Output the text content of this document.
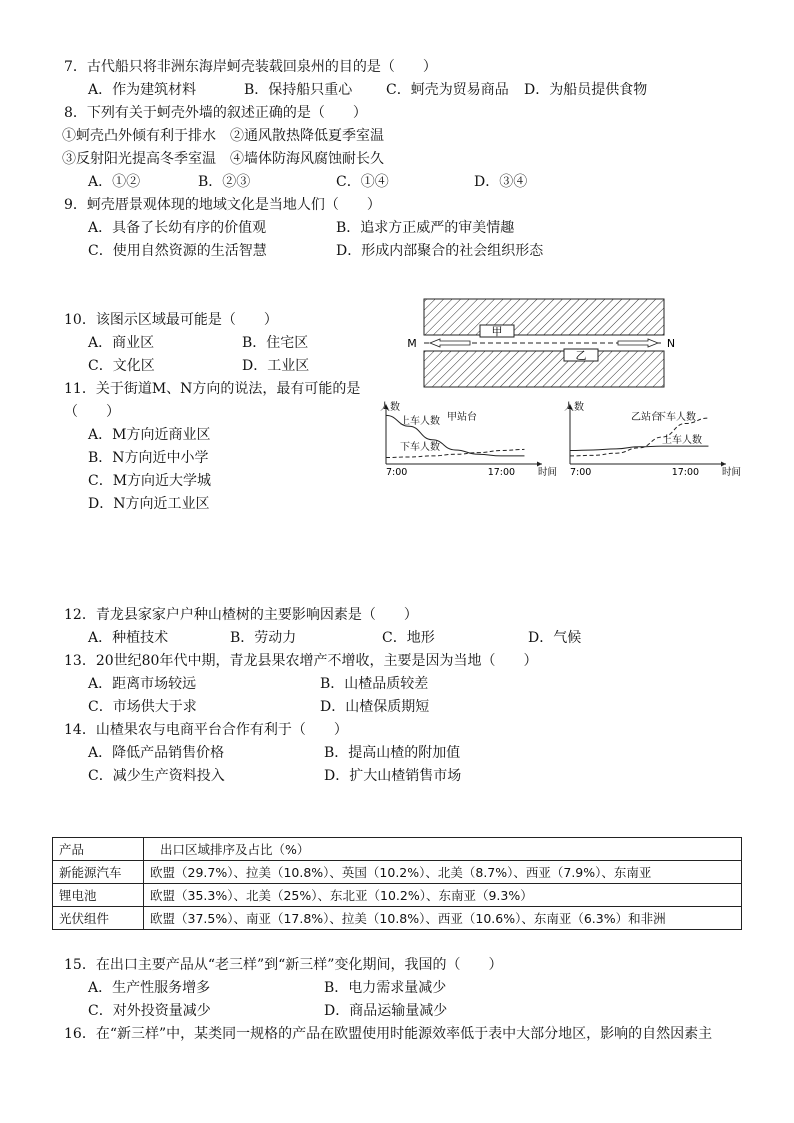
7．古代船只将非洲东海岸蚵壳装载回泉州的目的是（　　）
A．作为建筑材料	B．保持船只重心 C．蚵壳为贸易商品 D．为船员提供食物
8．下列有关于蚵壳外墙的叙述正确的是（　　）
①蚵壳凸外倾有利于排水　②通风散热降低夏季室温
③反射阳光提高冬季室温　④墙体防海风腐蚀耐长久
A．①②	B．②③	C．①④	D．③④
9．蚵壳厝景观体现的地域文化是当地人们（　　）
A．具备了长幼有序的价值观	B．追求方正威严的审美情趣
C．使用自然资源的生活智慧	D．形成内部聚合的社会组织形态
10．该图示区域最可能是（　　）
A．商业区	B．住宅区
C．文化区	D．工业区
11．关于街道M、N方向的说法，最有可能的是
（　　）
A．M方向近商业区
B．N方向近中小学
C．M方向近大学城
D．N方向近工业区
甲
乙
M	N
人数
甲站台
时间
7:00	17:00
上车人数
下车人数
人数
乙站台
时间
7:00	17:00
下车人数
上车人数
12．青龙县家家户户种山楂树的主要影响因素是（　　）
A．种植技术	B．劳动力	C．地形	D．气候
13．20世纪80年代中期，青龙县果农增产不增收，主要是因为当地（　　）
A．距离市场较远	B．山楂品质较差
C．市场供大于求	D．山楂保质期短
14．山楂果农与电商平台合作有利于（　　）
A．降低产品销售价格	B．提高山楂的附加值
C．减少生产资料投入	D．扩大山楂销售市场
产品	出口区域排序及占比（%）
新能源汽车	欧盟（29.7%）、拉美（10.8%）、英国（10.2%）、北美（8.7%）、西亚（7.9%）、东南亚
锂电池	欧盟（35.3%）、北美（25%）、东北亚（10.2%）、东南亚（9.3%）
光伏组件	欧盟（37.5%）、南亚（17.8%）、拉美（10.8%）、西亚（10.6%）、东南亚（6.3%）和非洲
15．在出口主要产品从“老三样”到“新三样”变化期间，我国的（　　）
A．生产性服务增多	B．电力需求量减少
C．对外投资量减少	D．商品运输量减少
16．在“新三样”中，某类同一规格的产品在欧盟使用时能源效率低于表中大部分地区，影响的自然因素主
